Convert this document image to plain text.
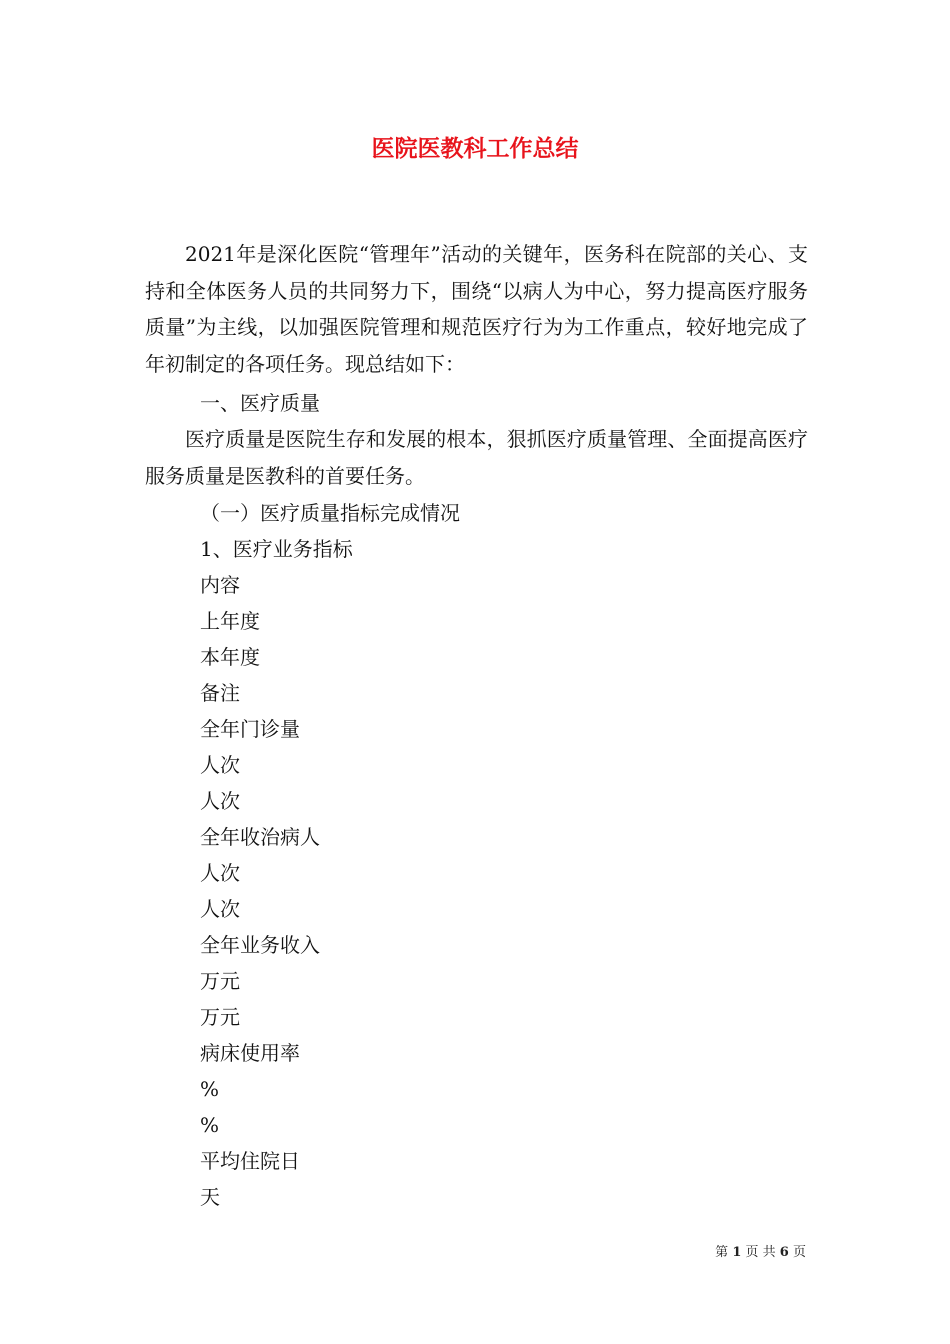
医院医教科工作总结

2021年是深化医院“管理年”活动的关键年，医务科在院部的关心、支持和全体医务人员的共同努力下，围绕“以病人为中心，努力提高医疗服务质量”为主线，以加强医院管理和规范医疗行为为工作重点，较好地完成了年初制定的各项任务。现总结如下：

一、医疗质量

医疗质量是医院生存和发展的根本，狠抓医疗质量管理、全面提高医疗服务质量是医教科的首要任务。

（一）医疗质量指标完成情况

1、医疗业务指标

内容

上年度

本年度

备注

全年门诊量

人次

人次

全年收治病人

人次

人次

全年业务收入

万元

万元

病床使用率

%

%

平均住院日

天

第 1 页 共 6 页
